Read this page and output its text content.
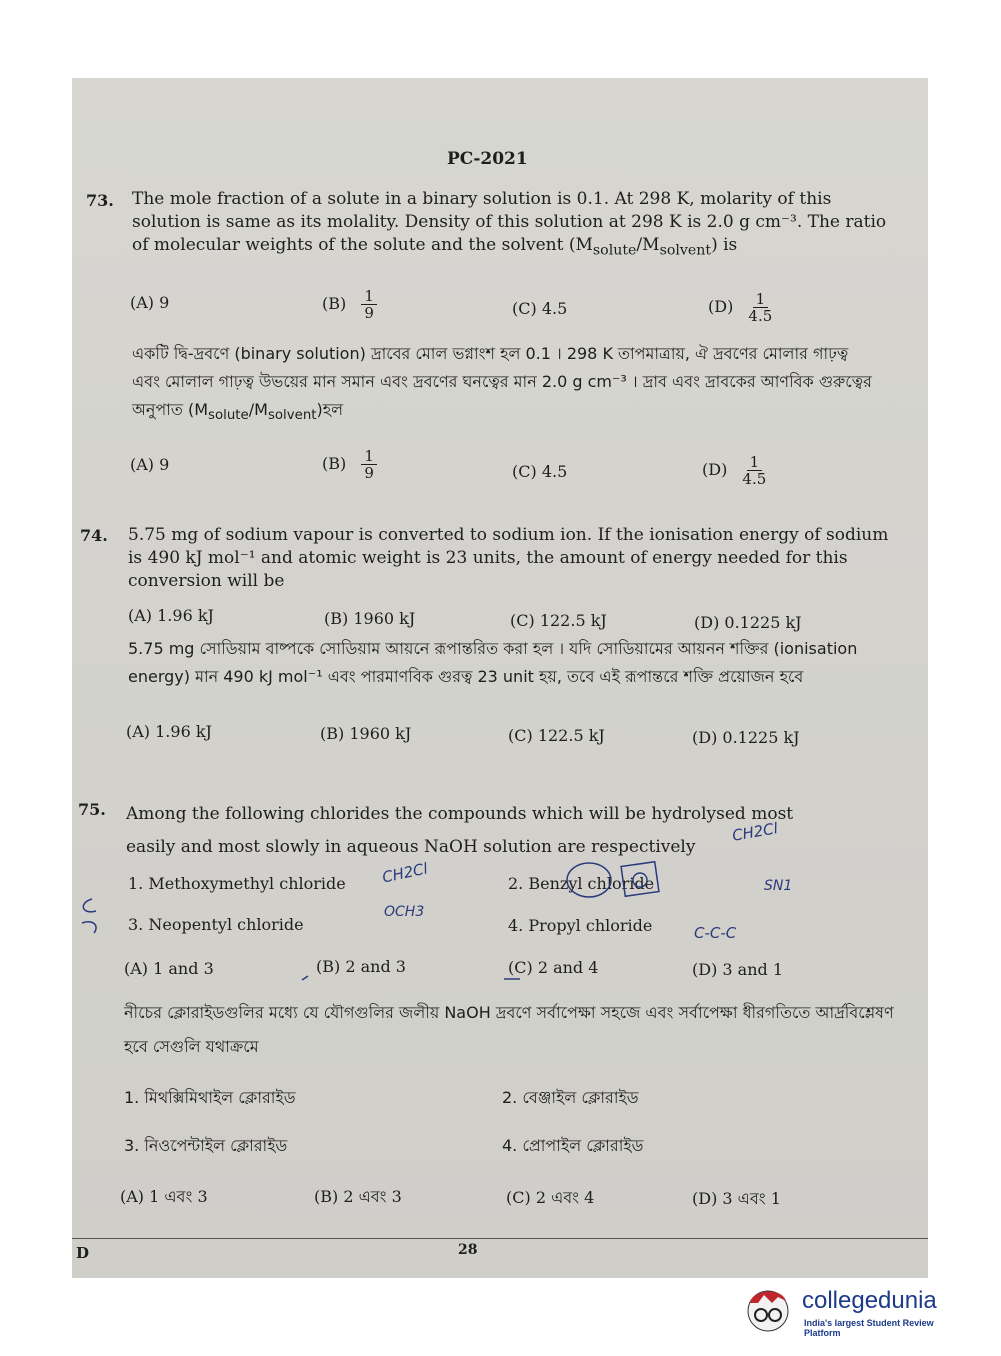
PC-2021
73. The mole fraction of a solute in a binary solution is 0.1. At 298 K, molarity of this solution is same as its molality. Density of this solution at 298 K is 2.0 g cm⁻³. The ratio of molecular weights of the solute and the solvent $(M_{solute}/M_{solvent})$ is
(A) 9	$(B) \frac{1}{9}$	(C) 4.5	$(D) \frac{1}{4.5}$
একটি দ্বি-দ্রবণে (binary solution) দ্রাবের মোল ভগ্নাংশ হল 0.1 । 298 K তাপমাত্রায়, ঐ দ্রবণের মোলার গাঢ়ত্ব এবং মোলাল গাঢ়ত্ব উভয়ের মান সমান এবং দ্রবণের ঘনত্বের মান 2.0 g cm⁻³ । দ্রাব এবং দ্রাবকের আণবিক গুরুত্বের অনুপাত $(M_{solute}/M_{solvent})হল$
(A) 9	$(B) \frac{1}{9}$	(C) 4.5	$(D) \frac{1}{4.5}$
74. 5.75 mg of sodium vapour is converted to sodium ion. If the ionisation energy of sodium is 490 kJ mol⁻¹ and atomic weight is 23 units, the amount of energy needed for this conversion will be
(A) 1.96 kJ	(B) 1960 kJ	(C) 122.5 kJ	(D) 0.1225 kJ
5.75 mg সোডিয়াম বাষ্পকে সোডিয়াম আয়নে রূপান্তরিত করা হল । যদি সোডিয়ামের আয়নন শক্তির (ionisation energy) মান 490 kJ mol⁻¹ এবং পারমাণবিক গুরত্ব 23 unit হয়, তবে এই রূপান্তরে শক্তি প্রয়োজন হবে
(A) 1.96 kJ	(B) 1960 kJ	(C) 122.5 kJ	(D) 0.1225 kJ
75. Among the following chlorides the compounds which will be hydrolysed most easily and most slowly in aqueous NaOH solution are respectively
1. Methoxymethyl chloride	2. Benzyl chloride
3. Neopentyl chloride	4. Propyl chloride
(A) 1 and 3	(B) 2 and 3	(C) 2 and 4	(D) 3 and 1
নীচের ক্লোরাইডগুলির মধ্যে যে যৌগগুলির জলীয় NaOH দ্রবণে সর্বাপেক্ষা সহজে এবং সর্বাপেক্ষা ধীরগতিতে আর্দ্রবিশ্লেষণ হবে সেগুলি যথাক্রমে
1. মিথক্সিমিথাইল ক্লোরাইড	2. বেঞ্জাইল ক্লোরাইড
3. নিওপেন্টাইল ক্লোরাইড	4. প্রোপাইল ক্লোরাইড
(A) 1 এবং 3	(B) 2 এবং 3	(C) 2 এবং 4	(D) 3 এবং 1
CH2Cl
OCH3
CH2Cl
C-C-C
SN1
D	28
collegedunia
India's largest Student Review Platform
